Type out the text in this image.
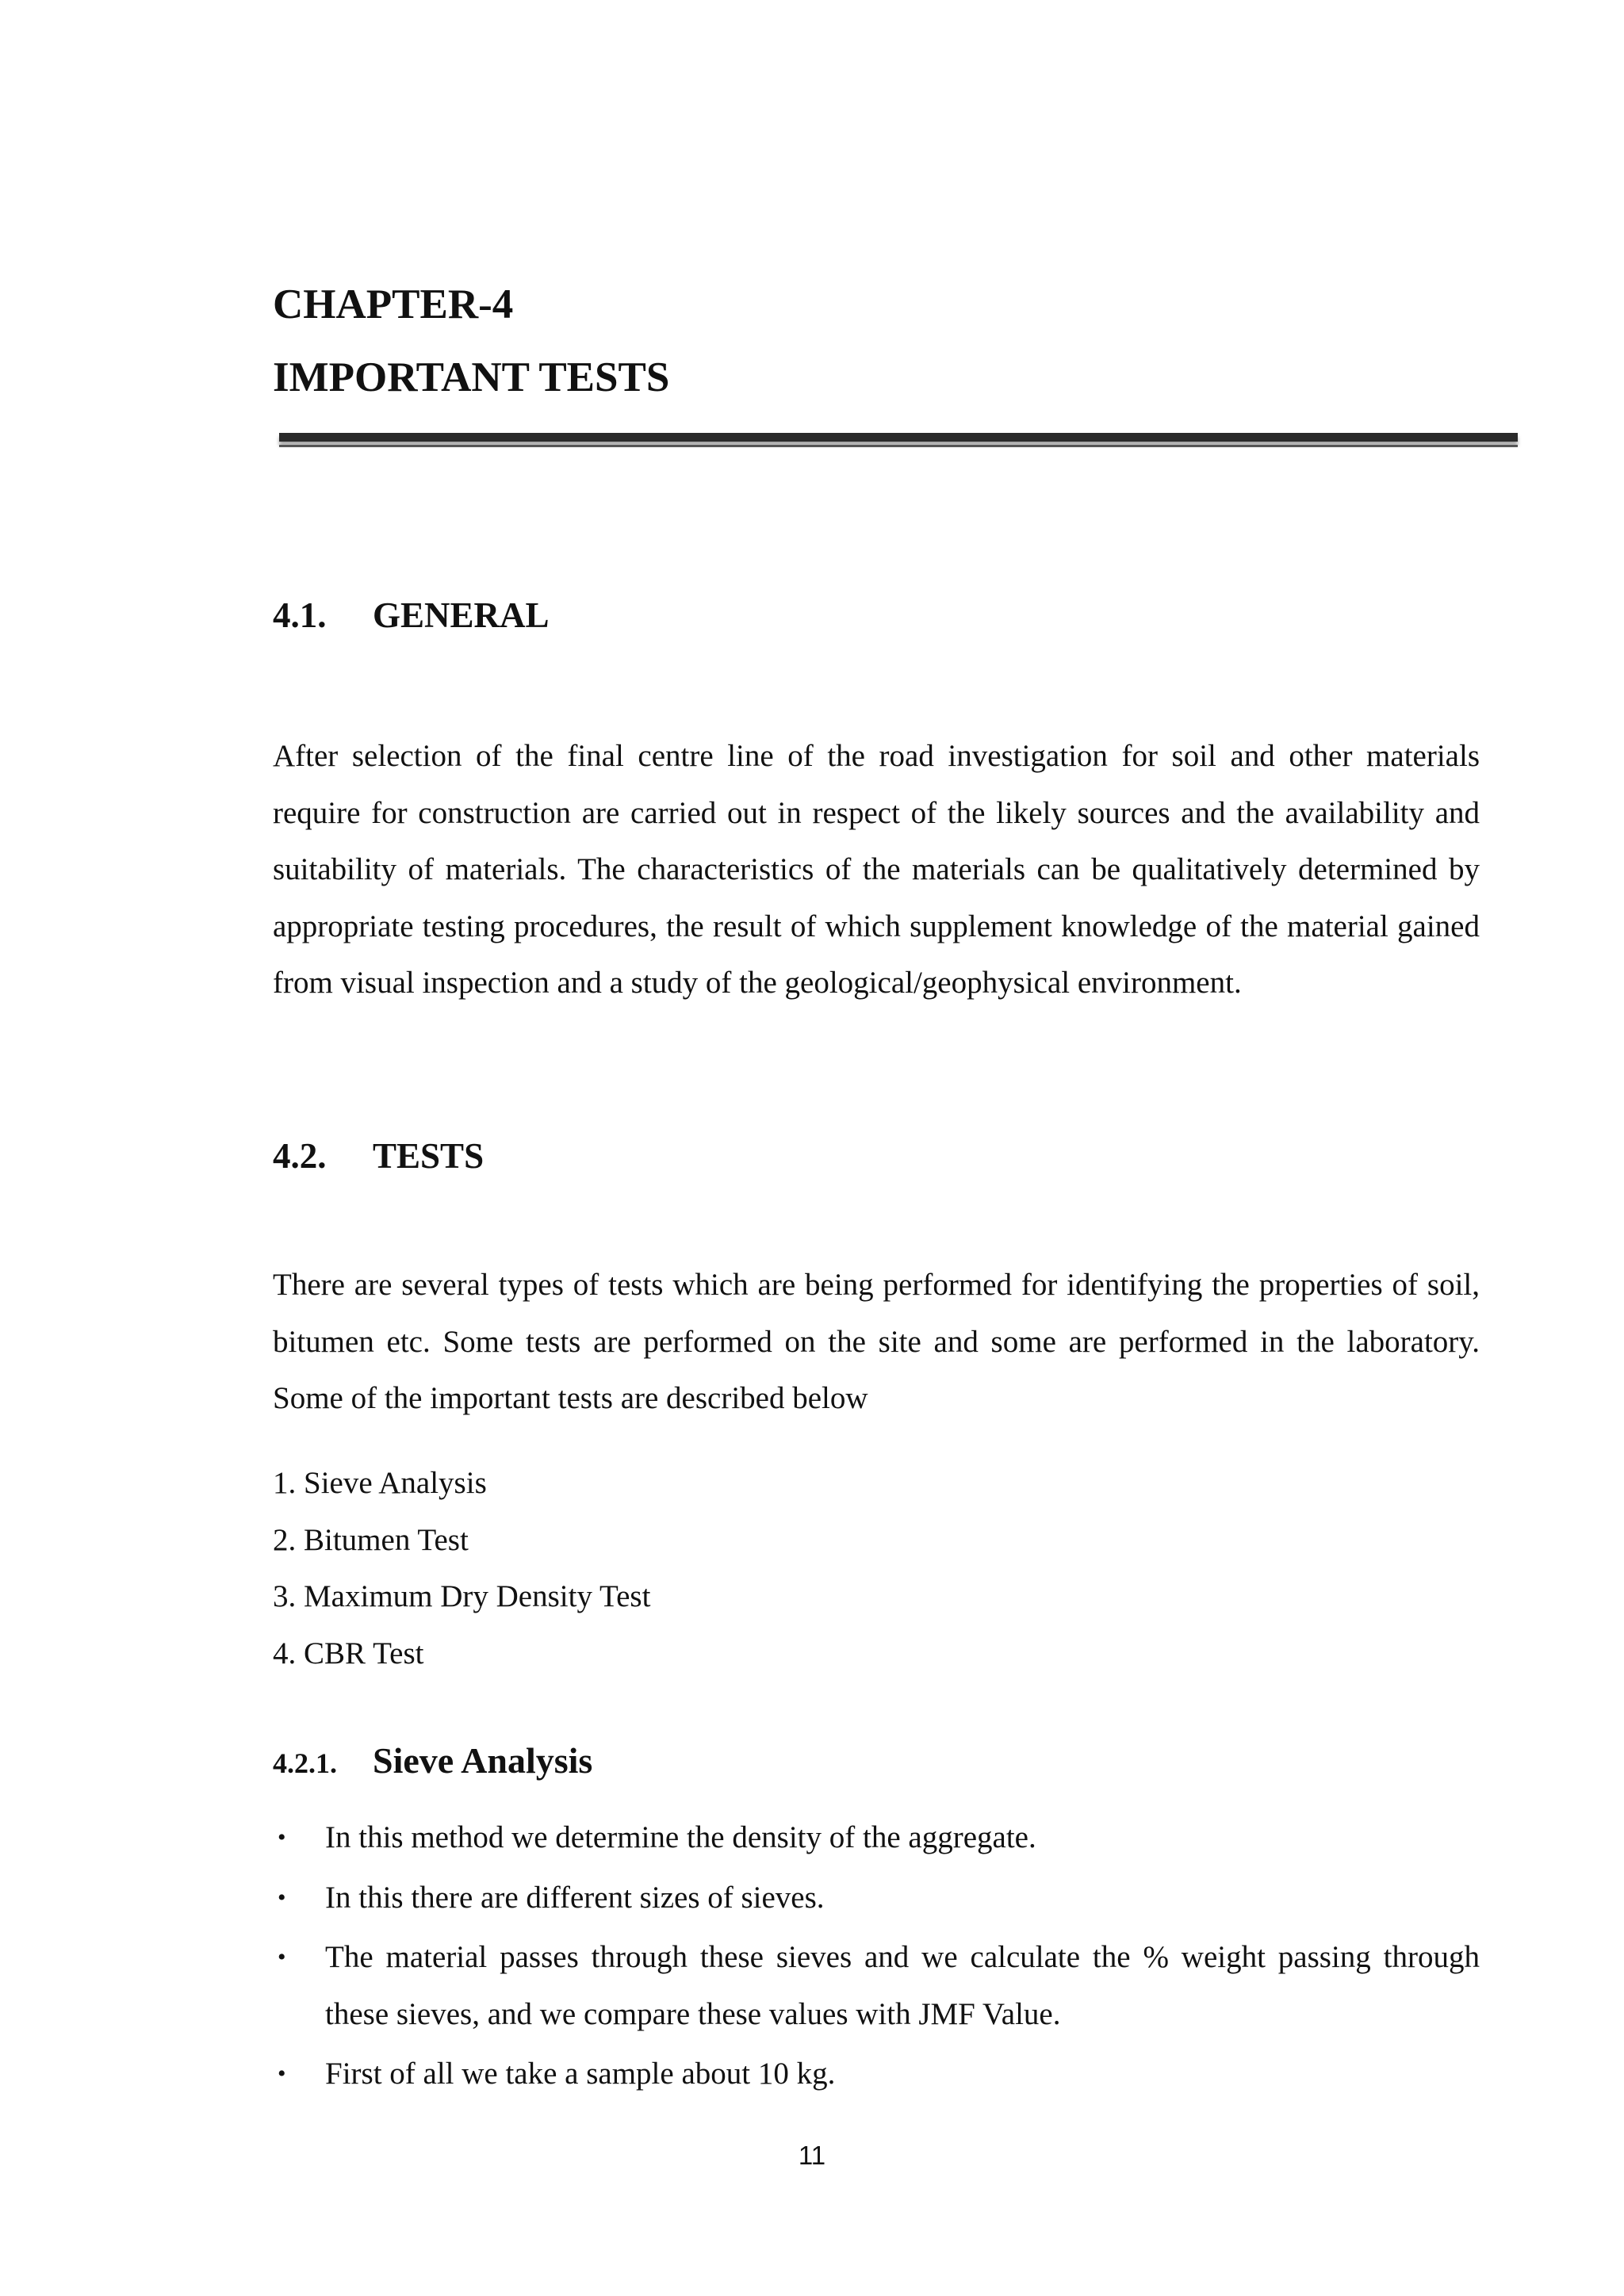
CHAPTER-4
IMPORTANT TESTS
4.1. GENERAL

After selection of the final centre line of the road investigation for soil and other materials require for construction are carried out in respect of the likely sources and the availability and suitability of materials. The characteristics of the materials can be qualitatively determined by appropriate testing procedures, the result of which supplement knowledge of the material gained from visual inspection and a study of the geological/geophysical environment.

4.2. TESTS

There are several types of tests which are being performed for identifying the properties of soil, bitumen etc. Some tests are performed on the site and some are performed in the laboratory. Some of the important tests are described below

1. Sieve Analysis
2. Bitumen Test
3. Maximum Dry Density Test
4. CBR Test
4.2.1. Sieve Analysis
• In this method we determine the density of the aggregate.
• In this there are different sizes of sieves.
• The material passes through these sieves and we calculate the % weight passing through these sieves, and we compare these values with JMF Value.
• First of all we take a sample about 10 kg.

11
